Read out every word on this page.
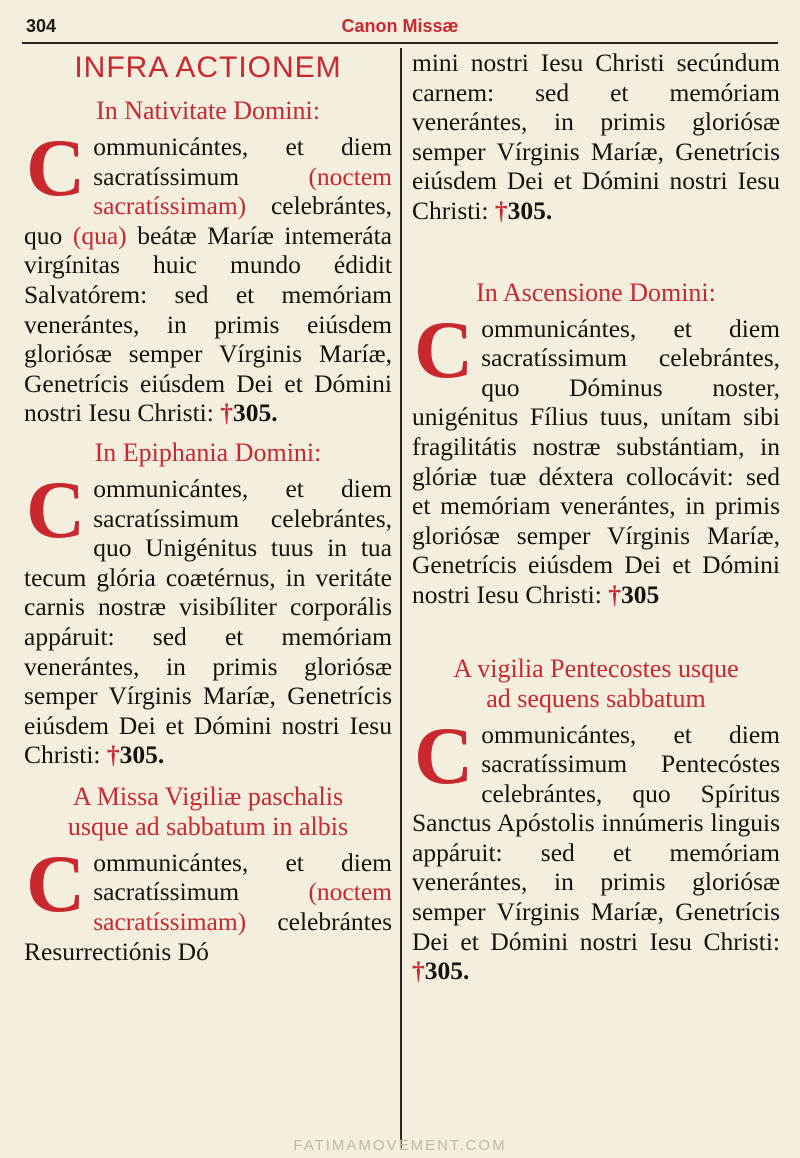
304	Canon Missæ
INFRA ACTIONEM
In Nativitate Domini:

Communicántes, et diem sacratíssimum (noctem sacratíssimam) celebrántes, quo (qua) beátæ Maríæ intemeráta virgínitas huic mundo édidit Salvatórem: sed et memóriam venerántes, in primis eiúsdem gloriósæ semper Vírginis Maríæ, Genetrícis eiúsdem Dei et Dómini nostri Iesu Christi: †305.

In Epiphania Domini:

Communicántes, et diem sacratíssimum celebrántes, quo Unigénitus tuus in tua tecum glória coætérnus, in veritáte carnis nostræ visibíliter corporális appáruit: sed et memóriam venerántes, in primis gloriósæ semper Vírginis Maríæ, Genetrícis eiúsdem Dei et Dómini nostri Iesu Christi: †305.

A Missa Vigiliæ paschalis
usque ad sabbatum in albis

Communicántes, et diem sacratíssimum (noctem sacratíssimam) celebrántes Resurrectiónis Dó

mini nostri Iesu Christi secúndum carnem: sed et memóriam venerántes, in primis gloriósæ semper Vírginis Maríæ, Genetrícis eiúsdem Dei et Dómini nostri Iesu Christi: †305.

In Ascensione Domini:

Communicántes, et diem sacratíssimum celebrántes, quo Dóminus noster, unigénitus Fílius tuus, unítam sibi fragilitátis nostræ substántiam, in glóriæ tuæ déxtera collocávit: sed et memóriam venerántes, in primis gloriósæ semper Vírginis Maríæ, Genetrícis eiúsdem Dei et Dómini nostri Iesu Christi: †305

A vigilia Pentecostes usque
ad sequens sabbatum

Communicántes, et diem sacratíssimum Pentecóstes celebrántes, quo Spíritus Sanctus Apóstolis innúmeris linguis appáruit: sed et memóriam venerántes, in primis gloriósæ semper Vírginis Maríæ, Genetrícis Dei et Dómini nostri Iesu Christi: †305.

FATIMAMOVEMENT.COM
